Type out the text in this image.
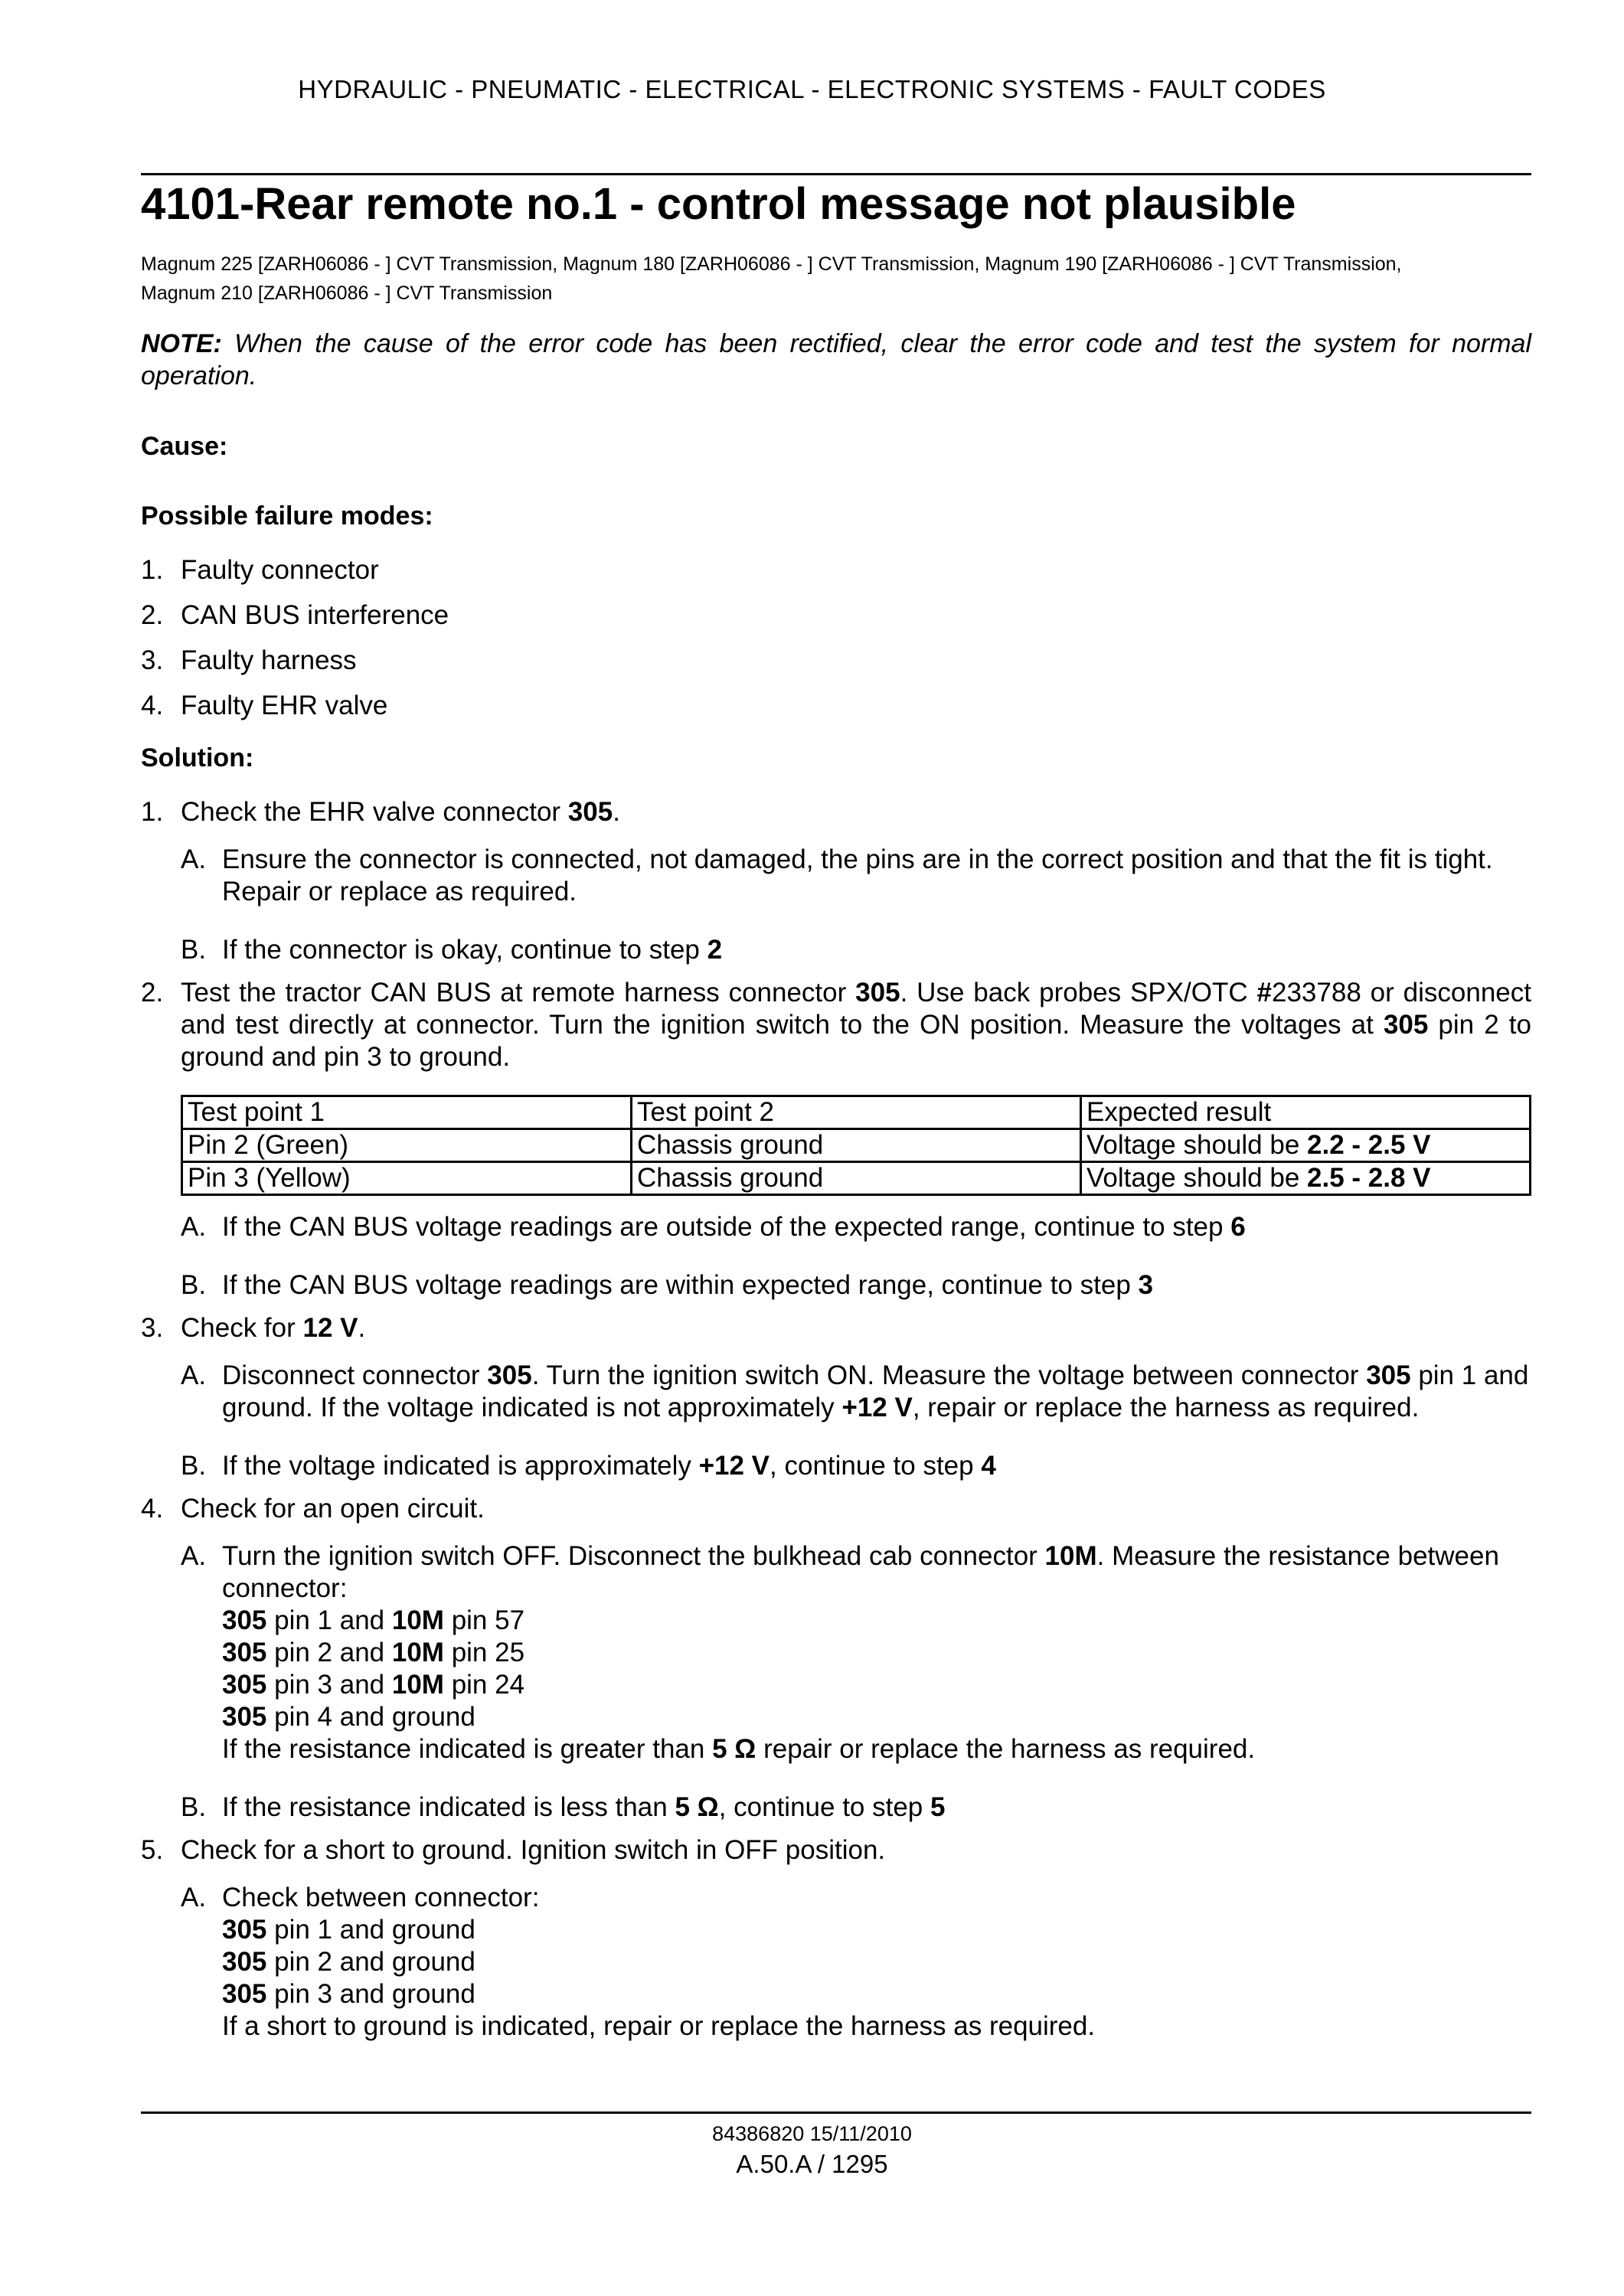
HYDRAULIC - PNEUMATIC - ELECTRICAL - ELECTRONIC SYSTEMS - FAULT CODES
4101-Rear remote no.1 - control message not plausible
Magnum 225 [ZARH06086 - ] CVT Transmission, Magnum 180 [ZARH06086 - ] CVT Transmission, Magnum 190 [ZARH06086 - ] CVT Transmission,
Magnum 210 [ZARH06086 - ] CVT Transmission
NOTE: When the cause of the error code has been rectified, clear the error code and test the system for normal operation.
Cause:
Possible failure modes:
1. Faulty connector
2. CAN BUS interference
3. Faulty harness
4. Faulty EHR valve
Solution:
1. Check the EHR valve connector 305.
A. Ensure the connector is connected, not damaged, the pins are in the correct position and that the fit is tight. Repair or replace as required.
B. If the connector is okay, continue to step 2
2. Test the tractor CAN BUS at remote harness connector 305. Use back probes SPX/OTC #233788 or disconnect and test directly at connector. Turn the ignition switch to the ON position. Measure the voltages at 305 pin 2 to ground and pin 3 to ground.
Test point 1	Test point 2	Expected result
Pin 2 (Green)	Chassis ground	Voltage should be 2.2 - 2.5 V
Pin 3 (Yellow)	Chassis ground	Voltage should be 2.5 - 2.8 V
A. If the CAN BUS voltage readings are outside of the expected range, continue to step 6
B. If the CAN BUS voltage readings are within expected range, continue to step 3
3. Check for 12 V.
A. Disconnect connector 305. Turn the ignition switch ON. Measure the voltage between connector 305 pin 1 and ground. If the voltage indicated is not approximately +12 V, repair or replace the harness as required.
B. If the voltage indicated is approximately +12 V, continue to step 4
4. Check for an open circuit.
A. Turn the ignition switch OFF. Disconnect the bulkhead cab connector 10M. Measure the resistance between connector:
305 pin 1 and 10M pin 57
305 pin 2 and 10M pin 25
305 pin 3 and 10M pin 24
305 pin 4 and ground
If the resistance indicated is greater than 5 Ω repair or replace the harness as required.
B. If the resistance indicated is less than 5 Ω, continue to step 5
5. Check for a short to ground. Ignition switch in OFF position.
A. Check between connector:
305 pin 1 and ground
305 pin 2 and ground
305 pin 3 and ground
If a short to ground is indicated, repair or replace the harness as required.
84386820 15/11/2010
A.50.A / 1295
